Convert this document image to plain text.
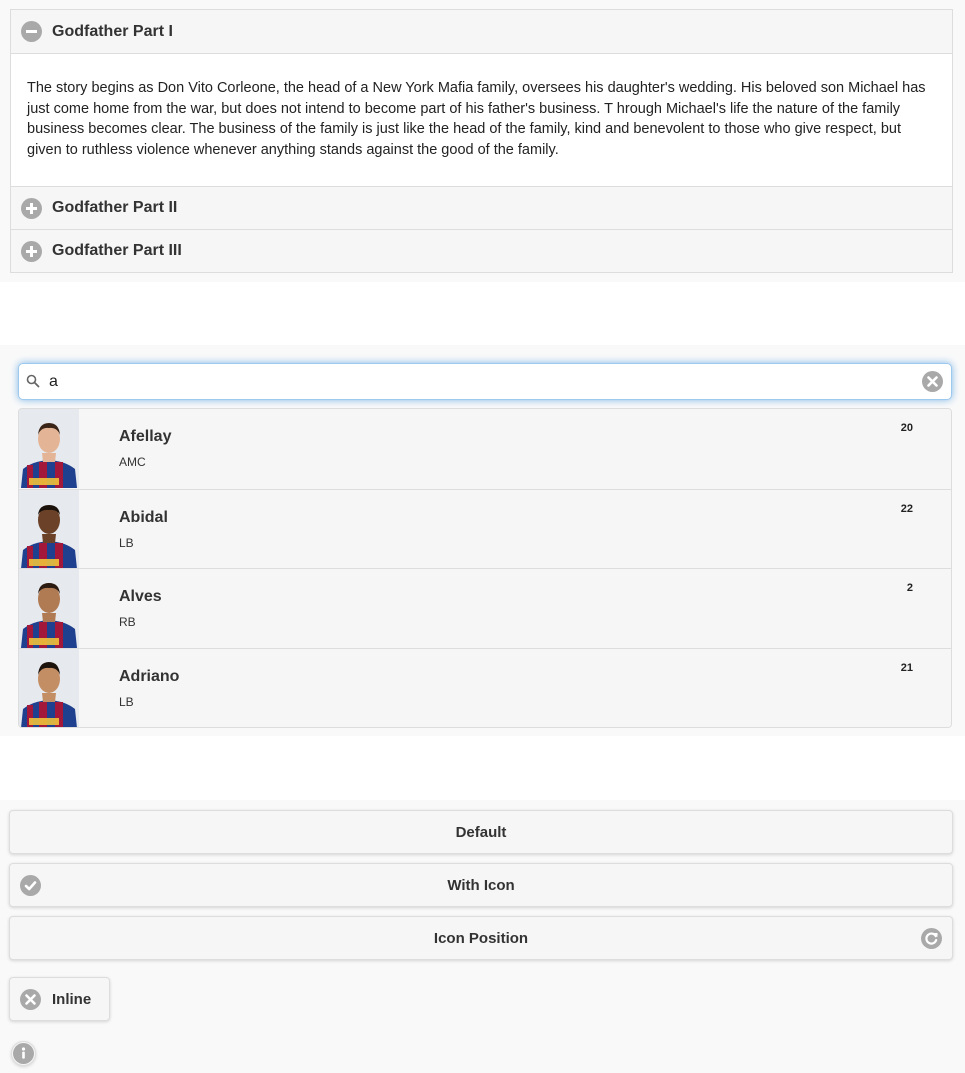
Godfather Part I

The story begins as Don Vito Corleone, the head of a New York Mafia family, oversees his daughter's wedding. His beloved son Michael has just come home from the war, but does not intend to become part of his father's business. T hrough Michael's life the nature of the family business becomes clear. The business of the family is just like the head of the family, kind and benevolent to those who give respect, but given to ruthless violence whenever anything stands against the good of the family.

Godfather Part II
Godfather Part III
a
Afellay
AMC
20
Abidal
LB
22
Alves
RB
2
Adriano
LB
21
Default
With Icon
Icon Position
Inline
